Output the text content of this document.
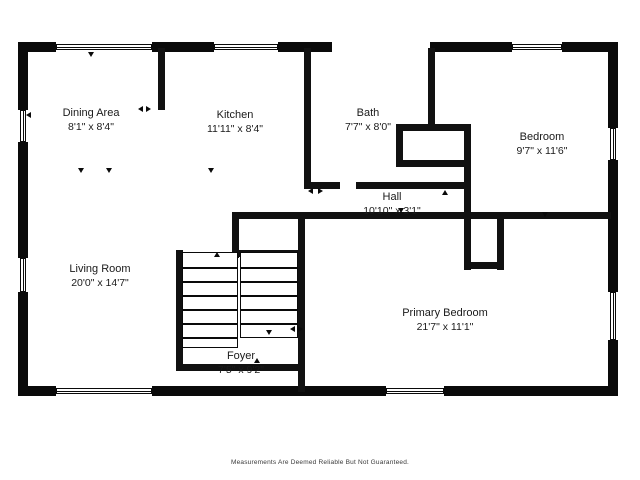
Dining Area
8'1" x 8'4"
Kitchen
11'11" x 8'4"
Bath
7'7" x 8'0"
Bedroom
9'7" x 11'6"
Hall
10'10" x 3'1"
Living Room
20'0" x 14'7"
Primary Bedroom
21'7" x 11'1"
Foyer
7'5" x 9'2"
Measurements Are Deemed Reliable But Not Guaranteed.
